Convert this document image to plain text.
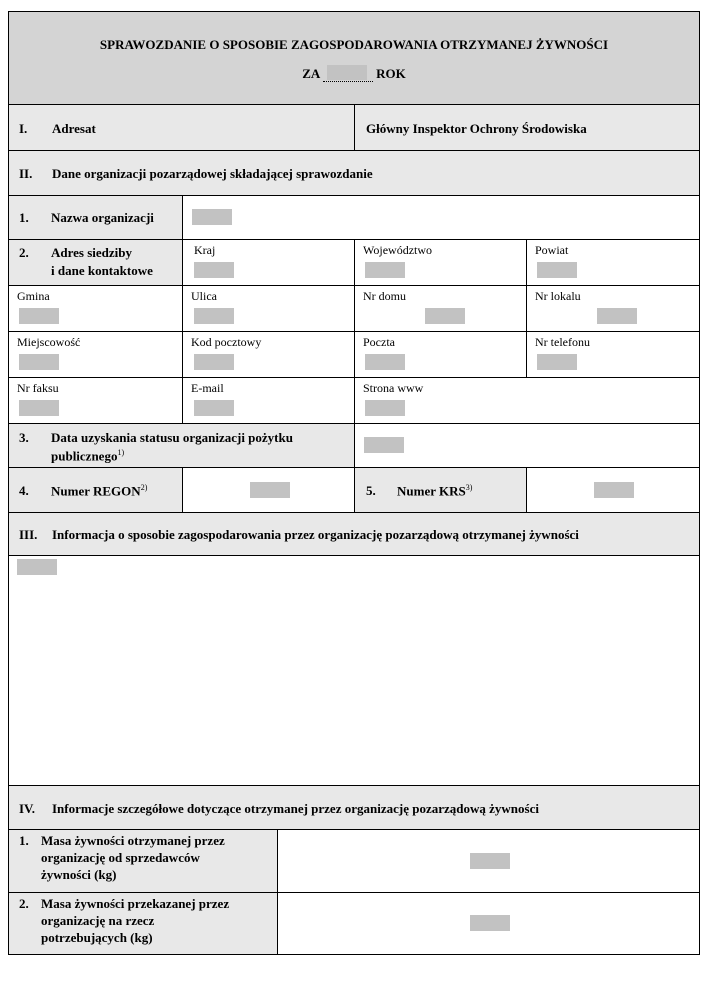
SPRAWOZDANIE O SPOSOBIE ZAGOSPODAROWANIA OTRZYMANEJ ŻYWNOŚCI
ZA	ROK
I. Adresat	Główny Inspektor Ochrony Środowiska
II. Dane organizacji pozarządowej składającej sprawozdanie
1. Nazwa organizacji
2. Adres siedziby
i dane kontaktowe
Kraj	Województwo	Powiat
Gmina	Ulica	Nr domu	Nr lokalu
Miejscowość	Kod pocztowy	Poczta	Nr telefonu
Nr faksu	E-mail	Strona www
3. Data uzyskania statusu organizacji pożytku
publicznego$^{1)}$
4. Numer REGON$^{2)}$	5. Numer KRS$^{3)}$
III. Informacja o sposobie zagospodarowania przez organizację pozarządową otrzymanej żywności
IV. Informacje szczegółowe dotyczące otrzymanej przez organizację pozarządową żywności
1. Masa żywności otrzymanej przez
organizację od sprzedawców
żywności (kg)
2. Masa żywności przekazanej przez
organizację na rzecz
potrzebujących (kg)
